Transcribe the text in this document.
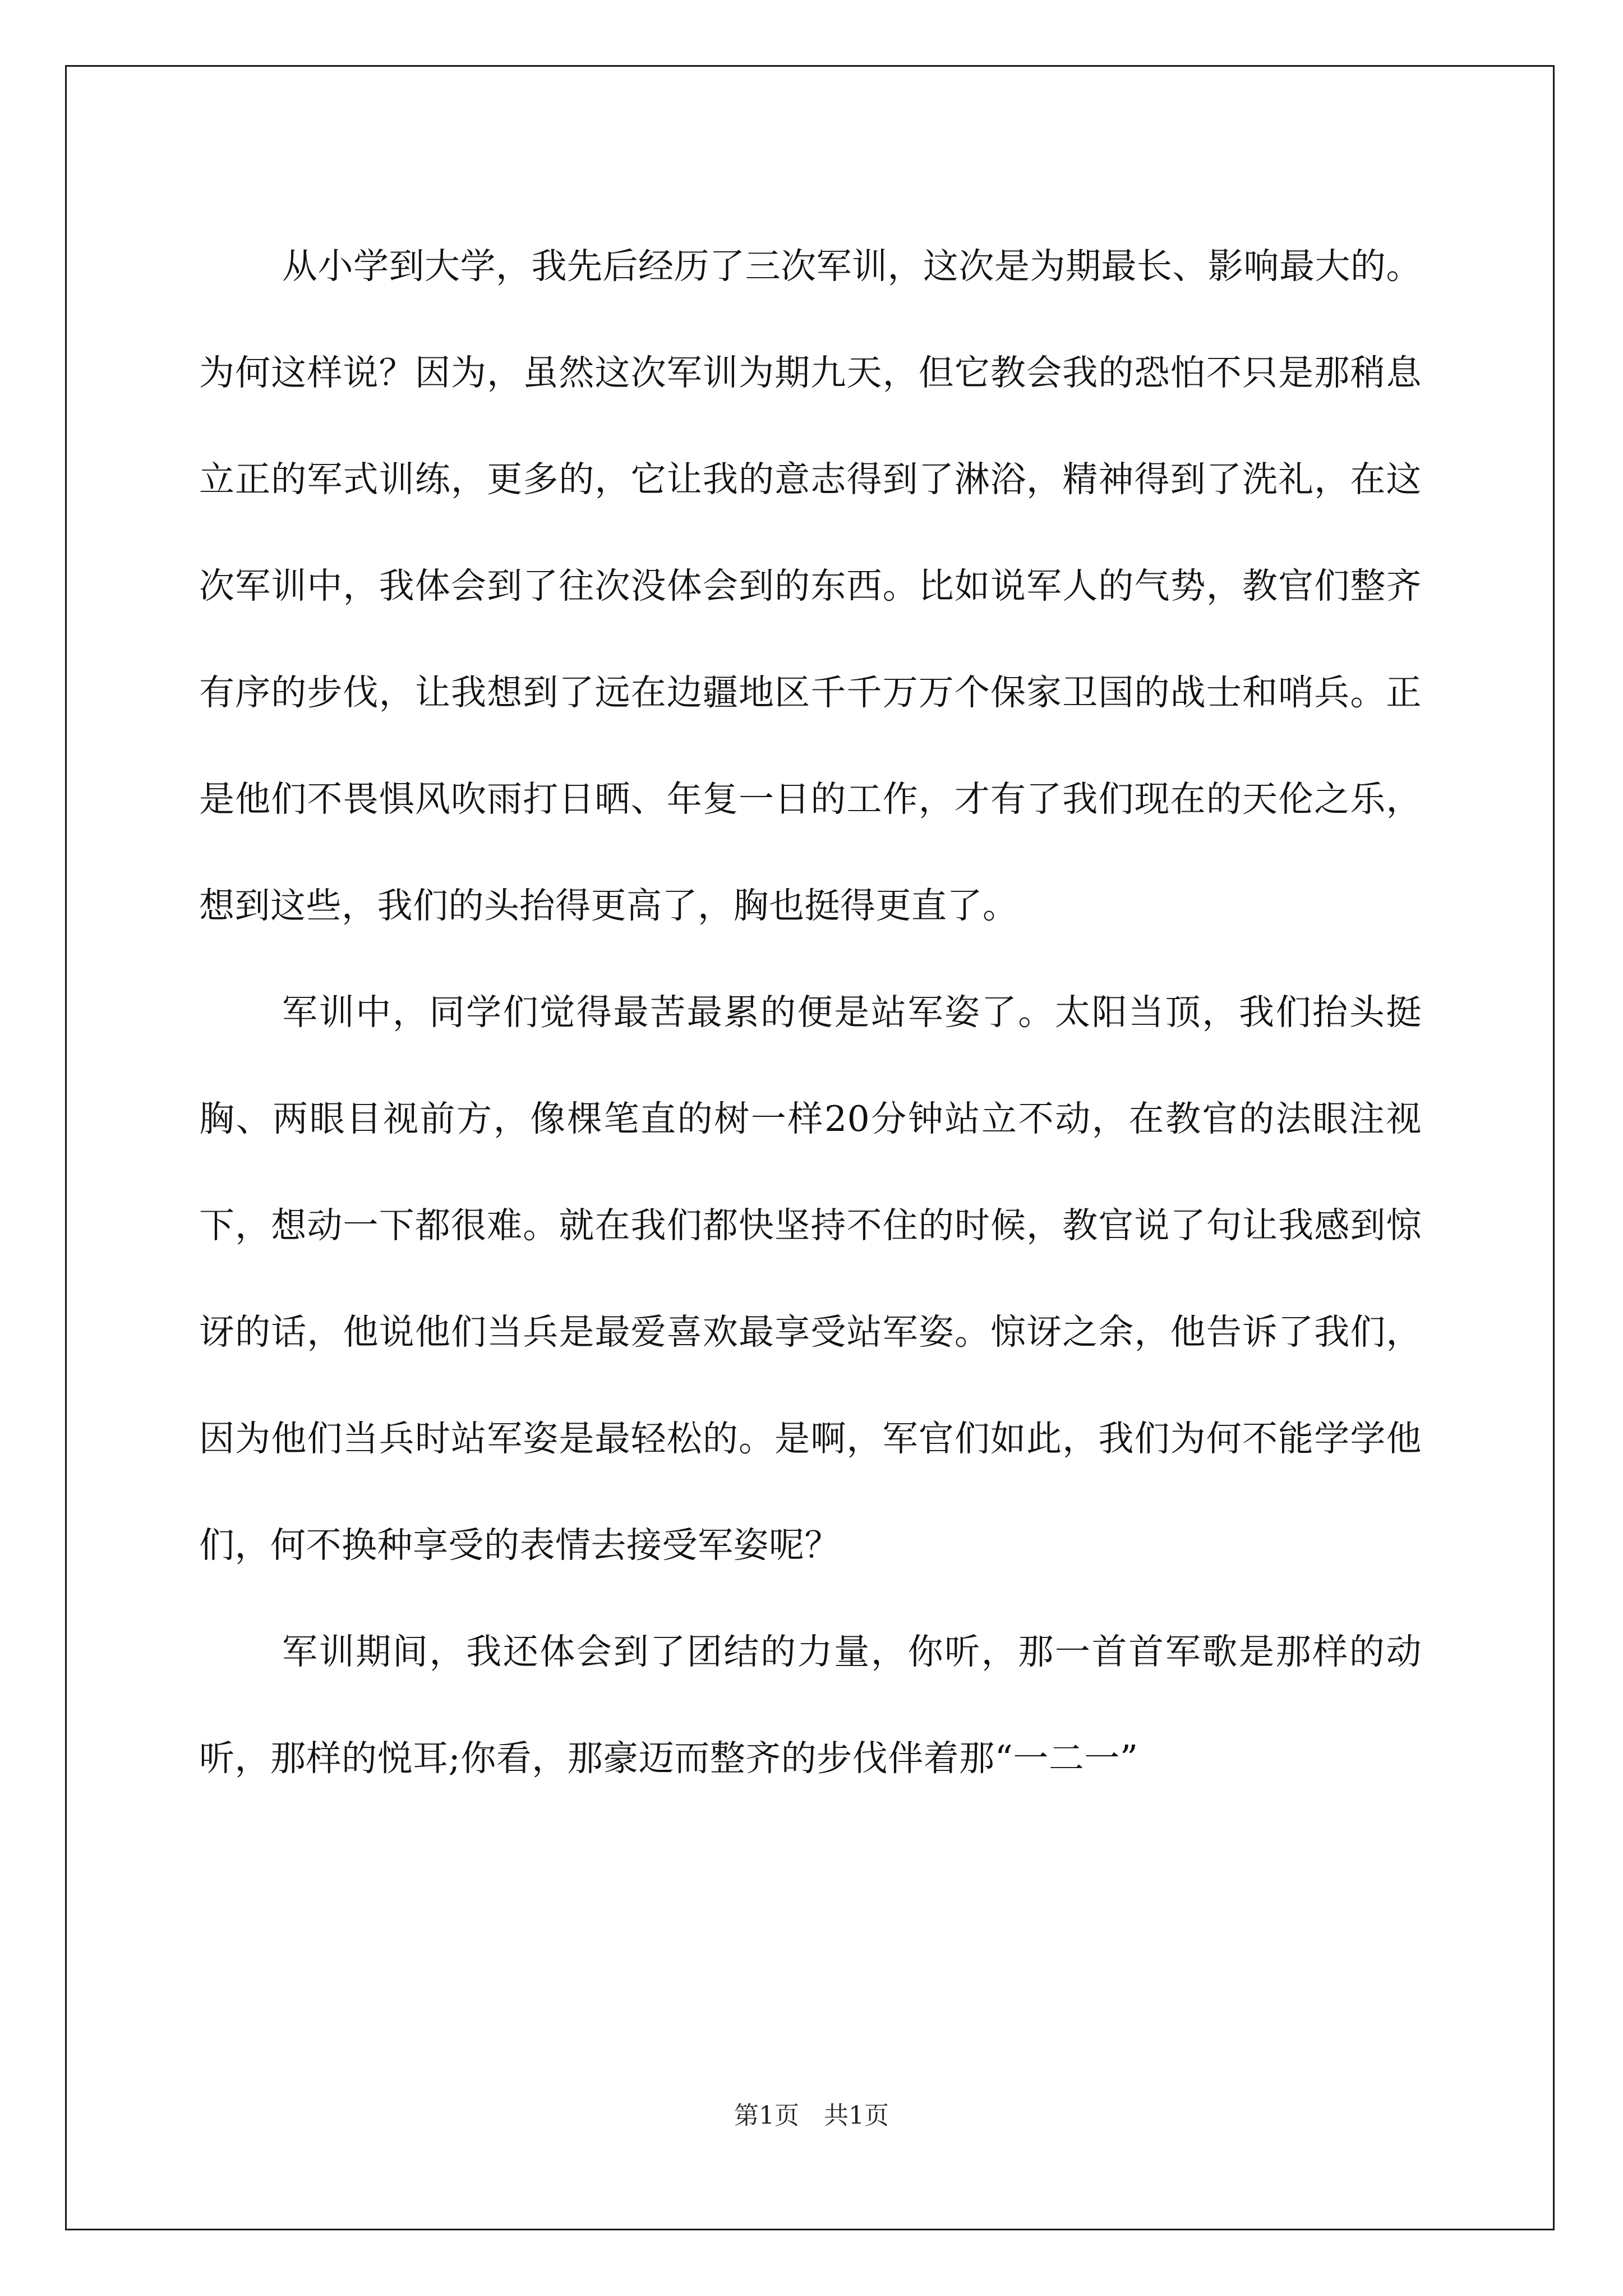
从小学到大学，我先后经历了三次军训，这次是为期最长、影响最大的。为何这样说？因为，虽然这次军训为期九天，但它教会我的恐怕不只是那稍息立正的军式训练，更多的，它让我的意志得到了淋浴，精神得到了洗礼，在这次军训中，我体会到了往次没体会到的东西。比如说军人的气势，教官们整齐有序的步伐，让我想到了远在边疆地区千千万万个保家卫国的战士和哨兵。正是他们不畏惧风吹雨打日晒、年复一日的工作，才有了我们现在的天伦之乐，想到这些，我们的头抬得更高了，胸也挺得更直了。

军训中，同学们觉得最苦最累的便是站军姿了。太阳当顶，我们抬头挺胸、两眼目视前方，像棵笔直的树一样20分钟站立不动，在教官的法眼注视下，想动一下都很难。就在我们都快坚持不住的时候，教官说了句让我感到惊讶的话，他说他们当兵是最爱喜欢最享受站军姿。惊讶之余，他告诉了我们，因为他们当兵时站军姿是最轻松的。是啊，军官们如此，我们为何不能学学他们，何不换种享受的表情去接受军姿呢？

军训期间，我还体会到了团结的力量，你听，那一首首军歌是那样的动听，那样的悦耳;你看，那豪迈而整齐的步伐伴着那“一二一”

第1页 共1页
